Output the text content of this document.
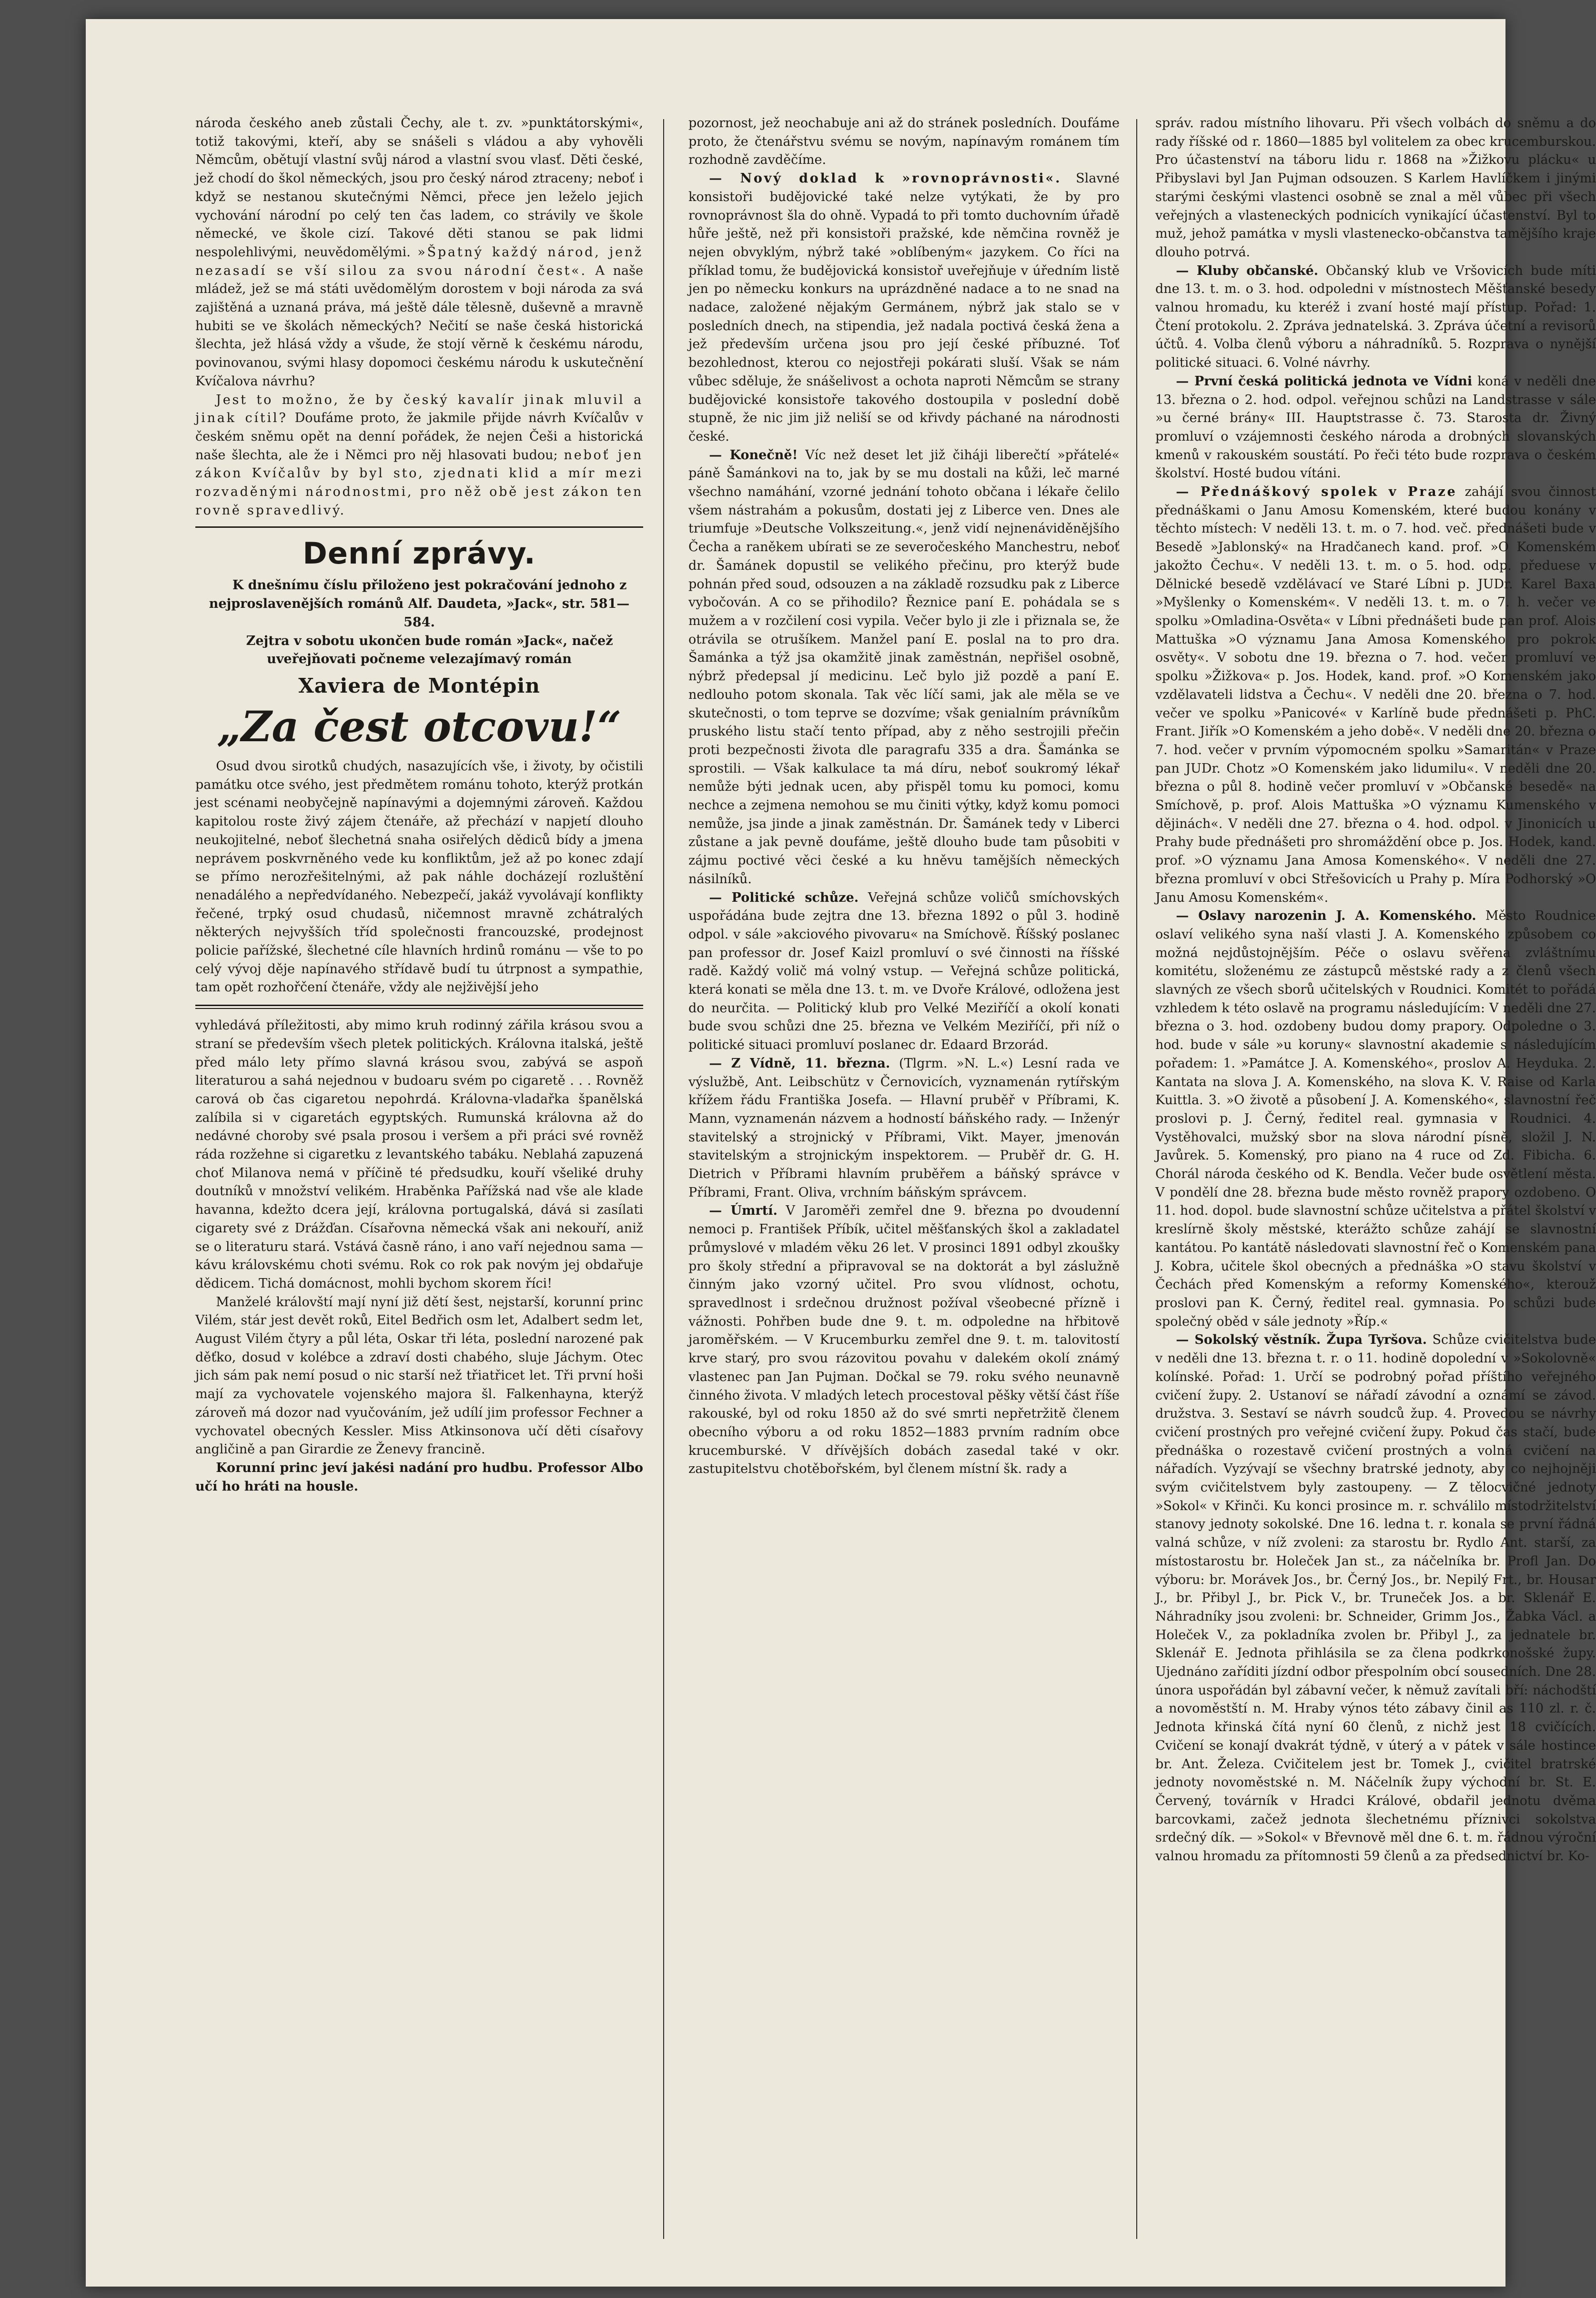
národa českého aneb zůstali Čechy, ale t. zv. »punktátorskými«, totiž takovými, kteří, aby se snášeli s vládou a aby vyhověli Němcům, obětují vlastní svůj národ a vlastní svou vlasť. Děti české, jež chodí do škol německých, jsou pro český národ ztraceny; neboť i když se nestanou skutečnými Němci, přece jen leželo jejich vychování národní po celý ten čas ladem, co strávily ve škole německé, ve škole cizí. Takové děti stanou se pak lidmi nespolehlivými, neuvědomělými. »Špatný každý národ, jenž nezasadí se vší silou za svou národní čest«. A naše mládež, jež se má státi uvědomělým dorostem v boji národa za svá zajištěná a uznaná práva, má ještě dále tělesně, duševně a mravně hubiti se ve školách německých? Nečití se naše česká historická šlechta, jež hlásá vždy a všude, že stojí věrně k českému národu, povinovanou, svými hlasy dopomoci českému národu k uskutečnění Kvíčalova návrhu?

Jest to možno, že by český kavalír jinak mluvil a jinak cítil? Doufáme proto, že jakmile přijde návrh Kvíčalův v českém sněmu opět na denní pořádek, že nejen Češi a historická naše šlechta, ale že i Němci pro něj hlasovati budou; neboť jen zákon Kvíčalův by byl sto, zjednati klid a mír mezi rozvaděnými národnostmi, pro něž obě jest zákon ten rovně spravedlivý.

Denní zprávy.

K dnešnímu číslu přiloženo jest pokračování jednoho z nejproslavenějších románů Alf. Daudeta, »Jack«, str. 581—584.

Zejtra v sobotu ukončen bude román »Jack«, načež uveřejňovati počneme velezajímavý román

Xaviera de Montépin
„Za čest otcovu!“

Osud dvou sirotků chudých, nasazujících vše, i životy, by očistili památku otce svého, jest předmětem románu tohoto, kterýž protkán jest scénami neobyčejně napínavými a dojemnými zároveň. Každou kapitolou roste živý zájem čtenáře, až přechází v napjetí dlouho neukojitelné, neboť šlechetná snaha osiřelých dědiců bídy a jmena neprávem poskvrněného vede ku konfliktům, jež až po konec zdají se přímo nerozřešitelnými, až pak náhle docházejí rozluštění nenadálého a nepředvídaného. Nebezpečí, jakáž vyvolávají konflikty řečené, trpký osud chudasů, ničemnost mravně zchátralých některých nejvyšších tříd společnosti francouzské, prodejnost policie pařížské, šlechetné cíle hlavních hrdinů románu — vše to po celý vývoj děje napínavého střídavě budí tu útrpnost a sympathie, tam opět rozhořčení čtenáře, vždy ale nejživější jeho

vyhledává příležitosti, aby mimo kruh rodinný zářila krásou svou a straní se především všech pletek politických. Královna italská, ještě před málo lety přímo slavná krásou svou, zabývá se aspoň literaturou a sahá nejednou v budoaru svém po cigaretě . . . Rovněž carová ob čas cigaretou nepohrdá. Královna-vladařka španělská zalíbila si v cigaretách egyptských. Rumunská královna až do nedávné choroby své psala prosou i veršem a při práci své rovněž ráda rozžehne si cigaretku z levantského tabáku. Neblahá zapuzená choť Milanova nemá v příčině té předsudku, kouří všeliké druhy doutníků v množství velikém. Hraběnka Pařížská nad vše ale klade havanna, kdežto dcera její, královna portugalská, dává si zasílati cigarety své z Drážďan. Císařovna německá však ani nekouří, aniž se o literaturu stará. Vstává časně ráno, i ano vaří nejednou sama — kávu královskému choti svému. Rok co rok pak novým jej obdařuje dědicem. Tichá domácnost, mohli bychom skorem říci!

Manželé královští mají nyní již dětí šest, nejstarší, korunní princ Vilém, stár jest devět roků, Eitel Bedřich osm let, Adalbert sedm let, August Vilém čtyry a půl léta, Oskar tři léta, poslední narozené pak děťko, dosud v kolébce a zdraví dosti chabého, sluje Jáchym. Otec jich sám pak nemí posud o nic starší než třiatřicet let. Tři první hoši mají za vychovatele vojenského majora šl. Falkenhayna, kterýž zároveň má dozor nad vyučováním, jež udílí jim professor Fechner a vychovatel obecných Kessler. Miss Atkinsonova učí děti císařovy angličině a pan Girardie ze Ženevy francině.

Korunní princ jeví jakési nadání pro hudbu. Professor Albo učí ho hráti na housle.

pozornost, jež neochabuje ani až do stránek posledních. Doufáme proto, že čtenářstvu svému se novým, napínavým románem tím rozhodně zavděčíme.

— Nový doklad k »rovnoprávnosti«. Slavné konsistoři budějovické také nelze vytýkati, že by pro rovnoprávnost šla do ohně. Vypadá to při tomto duchovním úřadě hůře ještě, než při konsistoři pražské, kde němčina rovněž je nejen obvyklým, nýbrž také »oblíbeným« jazykem. Co říci na příklad tomu, že budějovická konsistoř uveřejňuje v úředním listě jen po německu konkurs na uprázdněné nadace a to ne snad na nadace, založené nějakým Germánem, nýbrž jak stalo se v posledních dnech, na stipendia, jež nadala poctivá česká žena a jež především určena jsou pro její české příbuzné. Toť bezohlednost, kterou co nejostřeji pokárati sluší. Však se nám vůbec sděluje, že snášelivost a ochota naproti Němcům se strany budějovické konsistoře takového dostoupila v poslední době stupně, že nic jim již neliší se od křivdy páchané na národnosti české.

— Konečně! Víc než deset let již čiháji liberečtí »přátelé« páně Šamánkovi na to, jak by se mu dostali na kůži, leč marné všechno namáhání, vzorné jednání tohoto občana i lékaře čelilo všem nástrahám a pokusům, dostati jej z Liberce ven. Dnes ale triumfuje »Deutsche Volkszeitung.«, jenž vidí nejnenáviděnějšího Čecha a raněkem ubírati se ze severočeského Manchestru, neboť dr. Šamánek dopustil se velikého přečinu, pro kterýž bude pohnán před soud, odsouzen a na základě rozsudku pak z Liberce vybočován. A co se přihodilo? Řeznice paní E. pohádala se s mužem a v rozčilení cosi vypila. Večer bylo ji zle i přiznala se, že otrávila se otrušíkem. Manžel paní E. poslal na to pro dra. Šamánka a týž jsa okamžitě jinak zaměstnán, nepřišel osobně, nýbrž předepsal jí medicinu. Leč bylo již pozdě a paní E. nedlouho potom skonala. Tak věc líčí sami, jak ale měla se ve skutečnosti, o tom teprve se dozvíme; však genialním právníkům pruského listu stačí tento případ, aby z něho sestrojili přečin proti bezpečnosti života dle paragrafu 335 a dra. Šamánka se sprostili. — Však kalkulace ta má díru, neboť soukromý lékař nemůže býti jednak ucen, aby přispěl tomu ku pomoci, komu nechce a zejmena nemohou se mu činiti výtky, když komu pomoci nemůže, jsa jinde a jinak zaměstnán. Dr. Šamánek tedy v Liberci zůstane a jak pevně doufáme, ještě dlouho bude tam působiti v zájmu poctivé věci české a ku hněvu tamějších německých násilníků.

— Politické schůze. Veřejná schůze voličů smíchovských uspořádána bude zejtra dne 13. března 1892 o půl 3. hodině odpol. v sále »akciového pivovaru« na Smíchově. Říšský poslanec pan professor dr. Josef Kaizl promluví o své činnosti na říšské radě. Každý volič má volný vstup. — Veřejná schůze politická, která konati se měla dne 13. t. m. ve Dvoře Králové, odložena jest do neurčita. — Politický klub pro Velké Meziříčí a okolí konati bude svou schůzi dne 25. března ve Velkém Meziříčí, při níž o politické situaci promluví poslanec dr. Edaard Brzorád.

— Z Vídně, 11. března. (Tlgrm. »N. L.«) Lesní rada ve výslužbě, Ant. Leibschütz v Černovicích, vyznamenán rytířským křížem řádu Františka Josefa. — Hlavní pruběř v Příbrami, K. Mann, vyznamenán názvem a hodností báňského rady. — Inženýr stavitelský a strojnický v Příbrami, Vikt. Mayer, jmenován stavitelským a strojnickým inspektorem. — Pruběř dr. G. H. Dietrich v Příbrami hlavním pruběřem a báňský správce v Příbrami, Frant. Oliva, vrchním báňským správcem.

— Úmrtí. V Jaroměři zemřel dne 9. března po dvoudenní nemoci p. František Příbík, učitel měšťanských škol a zakladatel průmyslové v mladém věku 26 let. V prosinci 1891 odbyl zkoušky pro školy střední a připravoval se na doktorát a byl záslužně činným jako vzorný učitel. Pro svou vlídnost, ochotu, spravedlnost i srdečnou družnost požíval všeobecné přízně i vážnosti. Pohřben bude dne 9. t. m. odpoledne na hřbitově jaroměřském. — V Krucemburku zemřel dne 9. t. m. talovitostí krve starý, pro svou rázovitou povahu v dalekém okolí známý vlastenec pan Jan Pujman. Dočkal se 79. roku svého neunavně činného života. V mladých letech procestoval pěšky větší část říše rakouské, byl od roku 1850 až do své smrti nepřetržitě členem obecního výboru a od roku 1852—1883 prvním radním obce krucemburské. V dřívějších dobách zasedal také v okr. zastupitelstvu chotěbořském, byl členem místní šk. rady a

správ. radou místního lihovaru. Při všech volbách do sněmu a do rady říšské od r. 1860—1885 byl volitelem za obec krucemburskou. Pro účastenství na táboru lidu r. 1868 na »Žižkovu plácku« u Přibyslavi byl Jan Pujman odsouzen. S Karlem Havlíčkem i jinými starými českými vlastenci osobně se znal a měl vůbec při všech veřejných a vlasteneckých podnicích vynikající účastenství. Byl to muž, jehož památka v mysli vlastenecko-občanstva tamějšího kraje dlouho potrvá.

— Kluby občanské. Občanský klub ve Vršovicích bude míti dne 13. t. m. o 3. hod. odpoledni v místnostech Měšťanské besedy valnou hromadu, ku kteréž i zvaní hosté mají přístup. Pořad: 1. Čtení protokolu. 2. Zpráva jednatelská. 3. Zpráva účetní a revisorů účtů. 4. Volba členů výboru a náhradníků. 5. Rozprava o nynější politické situaci. 6. Volné návrhy.

— První česká politická jednota ve Vídni koná v neděli dne 13. března o 2. hod. odpol. veřejnou schůzi na Landstrasse v sále »u černé brány« III. Hauptstrasse č. 73. Starosta dr. Živný promluví o vzájemnosti českého národa a drobných slovanských kmenů v rakouském soustátí. Po řeči této bude rozprava o českém školství. Hosté budou vítáni.

— Přednáškový spolek v Praze zahájí svou činnost přednáškami o Janu Amosu Komenském, které budou konány v těchto místech: V neděli 13. t. m. o 7. hod. več. přednášeti bude v Besedě »Jablonský« na Hradčanech kand. prof. »O Komenském jakožto Čechu«. V neděli 13. t. m. o 5. hod. odp. předuese v Dělnické besedě vzdělávací ve Staré Líbni p. JUDr. Karel Baxa »Myšlenky o Komenském«. V neděli 13. t. m. o 7. h. večer ve spolku »Omladina-Osvěta« v Líbni přednášeti bude pan prof. Alois Mattuška »O významu Jana Amosa Komenského pro pokrok osvěty«. V sobotu dne 19. března o 7. hod. večer promluví ve spolku »Žižkova« p. Jos. Hodek, kand. prof. »O Komenském jako vzdělavateli lidstva a Čechu«. V neděli dne 20. března o 7. hod. večer ve spolku »Panicové« v Karlíně bude přednášeti p. PhC. Frant. Jiřík »O Komenském a jeho době«. V neděli dne 20. března o 7. hod. večer v prvním výpomocném spolku »Samaritán« v Praze pan JUDr. Chotz »O Komenském jako lidumilu«. V neděli dne 20. března o půl 8. hodině večer promluví v »Občanské besedě« na Smíchově, p. prof. Alois Mattuška »O významu Kumenského v dějinách«. V neděli dne 27. března o 4. hod. odpol. v Jinonicích u Prahy bude přednášeti pro shromáždění obce p. Jos. Hodek, kand. prof. »O významu Jana Amosa Komenského«. V neděli dne 27. března promluví v obci Střešovicích u Prahy p. Míra Podhorský »O Janu Amosu Komenském«.

— Oslavy narozenin J. A. Komenského. Město Roudnice oslaví velikého syna naší vlasti J. A. Komenského způsobem co možná nejdůstojnějším. Péče o oslavu svěřena zvláštnímu komitétu, složenému ze zástupců městské rady a z členů všech slavných ze všech sborů učitelských v Roudnici. Komitét to pořádá vzhledem k této oslavě na programu následujícím: V neděli dne 27. března o 3. hod. ozdobeny budou domy prapory. Odpoledne o 3. hod. bude v sále »u koruny« slavnostní akademie s následujícím pořadem: 1. »Památce J. A. Komenského«, proslov A. Heyduka. 2. Kantata na slova J. A. Komenského, na slova K. V. Raise od Karla Kuittla. 3. »O životě a působení J. A. Komenského«, slavnostní řeč proslovi p. J. Černý, ředitel real. gymnasia v Roudnici. 4. Vystěhovalci, mužský sbor na slova národní písně, složil J. N. Javůrek. 5. Komenský, pro piano na 4 ruce od Zd. Fibicha. 6. Chorál národa českého od K. Bendla. Večer bude osvětlení města. V pondělí dne 28. března bude město rovněž prapory ozdobeno. O 11. hod. dopol. bude slavnostní schůze učitelstva a přátel školství v kreslírně školy městské, kterážto schůze zahájí se slavnostní kantátou. Po kantátě následovati slavnostní řeč o Komenském pana J. Kobra, učitele škol obecných a přednáška »O stavu školství v Čechách před Komenským a reformy Komenského«, kterouž proslovi pan K. Černý, ředitel real. gymnasia. Po schůzi bude společný oběd v sále jednoty »Říp.«

— Sokolský věstník. Župa Tyršova. Schůze cvičitelstva bude v neděli dne 13. března t. r. o 11. hodině dopolední v »Sokolovně« kolínské. Pořad: 1. Určí se podrobný pořad příštího veřejného cvičení župy. 2. Ustanoví se nářadí závodní a oznámí se závod. družstva. 3. Sestaví se návrh soudců žup. 4. Provedou se návrhy cvičení prostných pro veřejné cvičení župy. Pokud čas stačí, bude přednáška o rozestavě cvičení prostných a volná cvičení na nářadích. Vyzývají se všechny bratrské jednoty, aby co nejhojněji svým cvičitelstvem byly zastoupeny. — Z tělocvičné jednoty »Sokol« v Křinči. Ku konci prosince m. r. schválilo místodržitelství stanovy jednoty sokolské. Dne 16. ledna t. r. konala se první řádná valná schůze, v níž zvoleni: za starostu br. Rydlo Ant. starší, za místostarostu br. Holeček Jan st., za náčelníka br. Profl Jan. Do výboru: br. Morávek Jos., br. Černý Jos., br. Nepilý Frt., br. Housar J., br. Přibyl J., br. Pick V., br. Truneček Jos. a br. Sklenář E. Náhradníky jsou zvoleni: br. Schneider, Grimm Jos., Žabka Václ. a Holeček V., za pokladníka zvolen br. Přibyl J., za jednatele br. Sklenář E. Jednota přihlásila se za člena podkrkonošské župy. Ujednáno zaříditi jízdní odbor přespolním obcí sousedních. Dne 28. února uspořádán byl zábavní večer, k němuž zavítali bří: náchodští a novoměstští n. M. Hraby výnos této zábavy činil as 110 zl. r. č. Jednota křinská čítá nyní 60 členů, z nichž jest 18 cvičících. Cvičení se konají dvakrát týdně, v úterý a v pátek v sále hostince br. Ant. Železa. Cvičitelem jest br. Tomek J., cvičitel bratrské jednoty novoměstské n. M. Náčelník župy východní br. St. E. Červený, továrník v Hradci Králové, obdařil jednotu dvěma barcovkami, začež jednota šlechetnému příznivci sokolstva srdečný dík. — »Sokol« v Břevnově měl dne 6. t. m. řádnou výroční valnou hromadu za přítomnosti 59 členů a za předsednictví br. Ko-
